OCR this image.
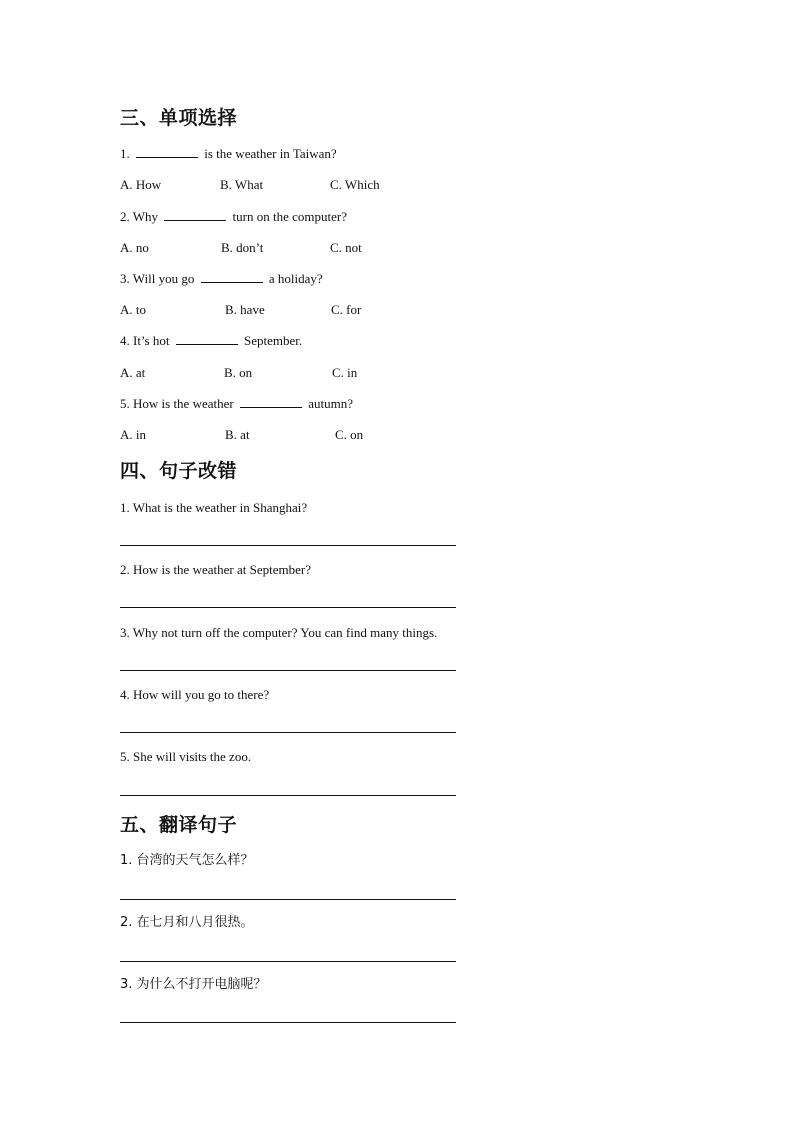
三、单项选择
1.	is the weather in Taiwan?
A. How	B. What	C. Which
2. Why	turn on the computer?
A. no	B. don’t	C. not
3. Will you go	a holiday?
A. to	B. have	C. for
4. It’s hot	September.
A. at	B. on	C. in
5. How is the weather	autumn?
A. in	B. at	C. on
四、句子改错
1. What is the weather in Shanghai?
2. How is the weather at September?
3. Why not turn off the computer? You can find many things.
4. How will you go to there?
5. She will visits the zoo.
五、翻译句子
1. 台湾的天气怎么样？
2. 在七月和八月很热。
3. 为什么不打开电脑呢？
